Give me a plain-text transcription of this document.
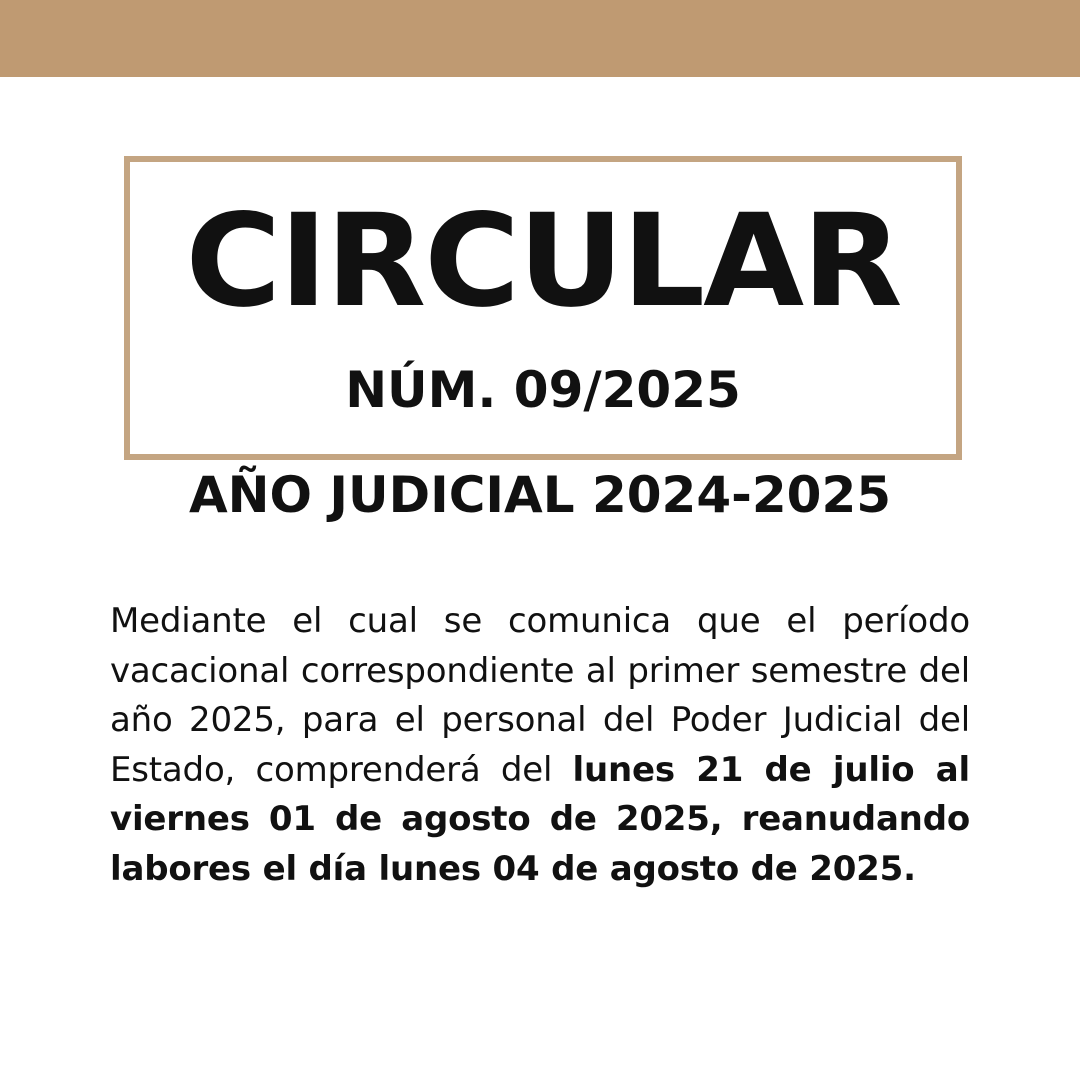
CIRCULAR
NÚM. 09/2025
AÑO JUDICIAL 2024-2025

Mediante el cual se comunica que el período vacacional correspondiente al primer semestre del año 2025, para el personal del Poder Judicial del Estado, comprenderá del lunes 21 de julio al viernes 01 de agosto de 2025, reanudando labores el día lunes 04 de agosto de 2025.
